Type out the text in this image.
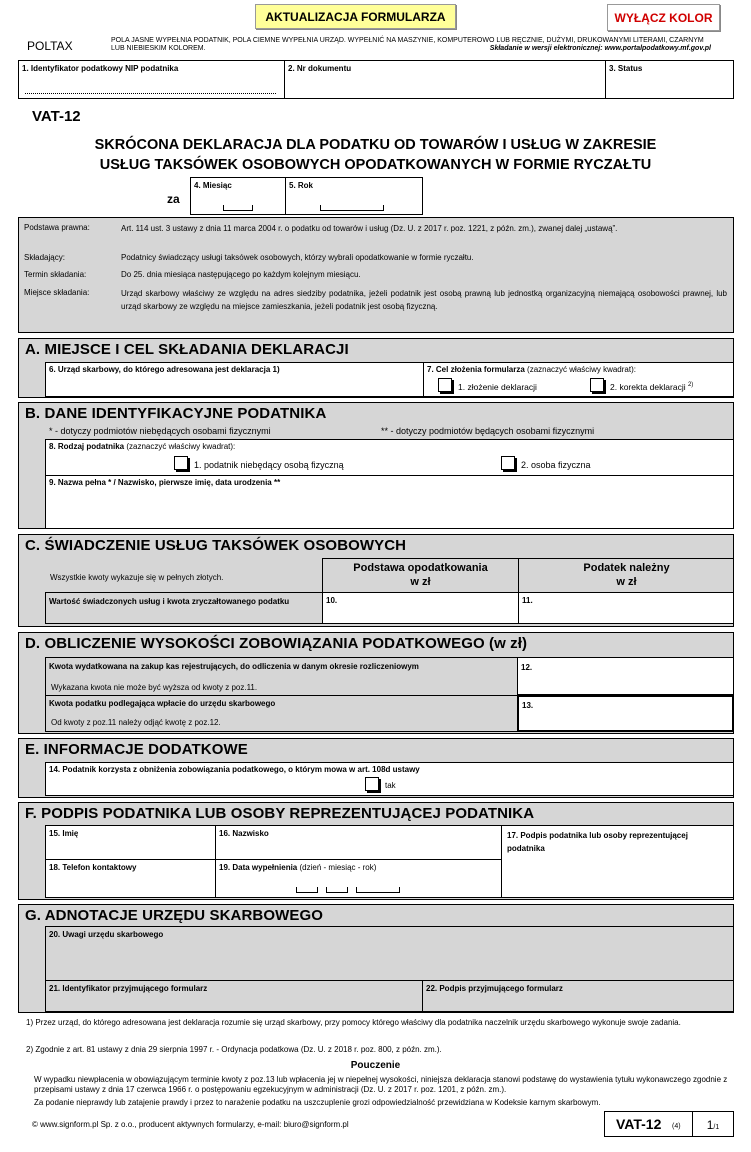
AKTUALIZACJA FORMULARZA	WYŁĄCZ KOLOR
POLTAX	POLA JASNE WYPEŁNIA PODATNIK, POLA CIEMNE WYPEŁNIA URZĄD. WYPEŁNIĆ NA MASZYNIE, KOMPUTEROWO LUB RĘCZNIE, DUŻYMI, DRUKOWANYMI LITERAMI, CZARNYM LUB NIEBIESKIM KOLOREM.	Składanie w wersji elektronicznej: www.portalpodatkowy.mf.gov.pl
1. Identyfikator podatkowy NIP podatnika	2. Nr dokumentu	3. Status
VAT-12
SKRÓCONA DEKLARACJA DLA PODATKU OD TOWARÓW I USŁUG W ZAKRESIE
USŁUG TAKSÓWEK OSOBOWYCH OPODATKOWANYCH W FORMIE RYCZAŁTU
za
4. Miesiąc	5. Rok
Podstawa prawna:	Art. 114 ust. 3 ustawy z dnia 11 marca 2004 r. o podatku od towarów i usług (Dz. U. z 2017 r. poz. 1221, z późn. zm.), zwanej dalej „ustawą”.
Składający:	Podatnicy świadczący usługi taksówek osobowych, którzy wybrali opodatkowanie w formie ryczałtu.
Termin składania:	Do 25. dnia miesiąca następującego po każdym kolejnym miesiącu.
Miejsce składania:	Urząd skarbowy właściwy ze względu na adres siedziby podatnika, jeżeli podatnik jest osobą prawną lub jednostką organizacyjną niemającą osobowości prawnej, lub urząd skarbowy ze względu na miejsce zamieszkania, jeżeli podatnik jest osobą fizyczną.
A. MIEJSCE I CEL SKŁADANIA DEKLARACJI
6. Urząd skarbowy, do którego adresowana jest deklaracja 1)	7. Cel złożenia formularza (zaznaczyć właściwy kwadrat):
1. złożenie deklaracji	2. korekta deklaracji $^{2)}$
B. DANE IDENTYFIKACYJNE PODATNIKA
* - dotyczy podmiotów niebędących osobami fizycznymi	** - dotyczy podmiotów będących osobami fizycznymi
8. Rodzaj podatnika (zaznaczyć właściwy kwadrat):
1. podatnik niebędący osobą fizyczną	2. osoba fizyczna
9. Nazwa pełna * / Nazwisko, pierwsze imię, data urodzenia **
C. ŚWIADCZENIE USŁUG TAKSÓWEK OSOBOWYCH
Wszystkie kwoty wykazuje się w pełnych złotych.
Podstawa opodatkowania
w zł
Podatek należny
w zł
Wartość świadczonych usług i kwota zryczałtowanego podatku	10.	11.
D. OBLICZENIE WYSOKOŚCI ZOBOWIĄZANIA PODATKOWEGO (w zł)
Kwota wydatkowana na zakup kas rejestrujących, do odliczenia w danym okresie rozliczeniowym
Wykazana kwota nie może być wyższa od kwoty z poz.11.
12.
Kwota podatku podlegająca wpłacie do urzędu skarbowego
Od kwoty z poz.11 należy odjąć kwotę z poz.12.
13.
E. INFORMACJE DODATKOWE
14. Podatnik korzysta z obniżenia zobowiązania podatkowego, o którym mowa w art. 108d ustawy
tak
F. PODPIS PODATNIKA LUB OSOBY REPREZENTUJĄCEJ PODATNIKA
15. Imię	16. Nazwisko	17. Podpis podatnika lub osoby reprezentującej podatnika
18. Telefon kontaktowy	19. Data wypełnienia (dzień - miesiąc - rok)
G. ADNOTACJE URZĘDU SKARBOWEGO
20. Uwagi urzędu skarbowego
21. Identyfikator przyjmującego formularz	22. Podpis przyjmującego formularz
1) Przez urząd, do którego adresowana jest deklaracja rozumie się urząd skarbowy, przy pomocy którego właściwy dla podatnika naczelnik urzędu skarbowego wykonuje swoje zadania.
2) Zgodnie z art. 81 ustawy z dnia 29 sierpnia 1997 r. - Ordynacja podatkowa (Dz. U. z 2018 r. poz. 800, z późn. zm.).
Pouczenie
W wypadku niewpłacenia w obowiązującym terminie kwoty z poz.13 lub wpłacenia jej w niepełnej wysokości, niniejsza deklaracja stanowi podstawę do wystawienia tytułu wykonawczego zgodnie z przepisami ustawy z dnia 17 czerwca 1966 r. o postępowaniu egzekucyjnym w administracji (Dz. U. z 2017 r. poz. 1201, z późn. zm.).
Za podanie nieprawdy lub zatajenie prawdy i przez to narażenie podatku na uszczuplenie grozi odpowiedzialność przewidziana w Kodeksie karnym skarbowym.
© www.signform.pl Sp. z o.o., producent aktywnych formularzy, e-mail: biuro@signform.pl	VAT-12 (4)	1/1
